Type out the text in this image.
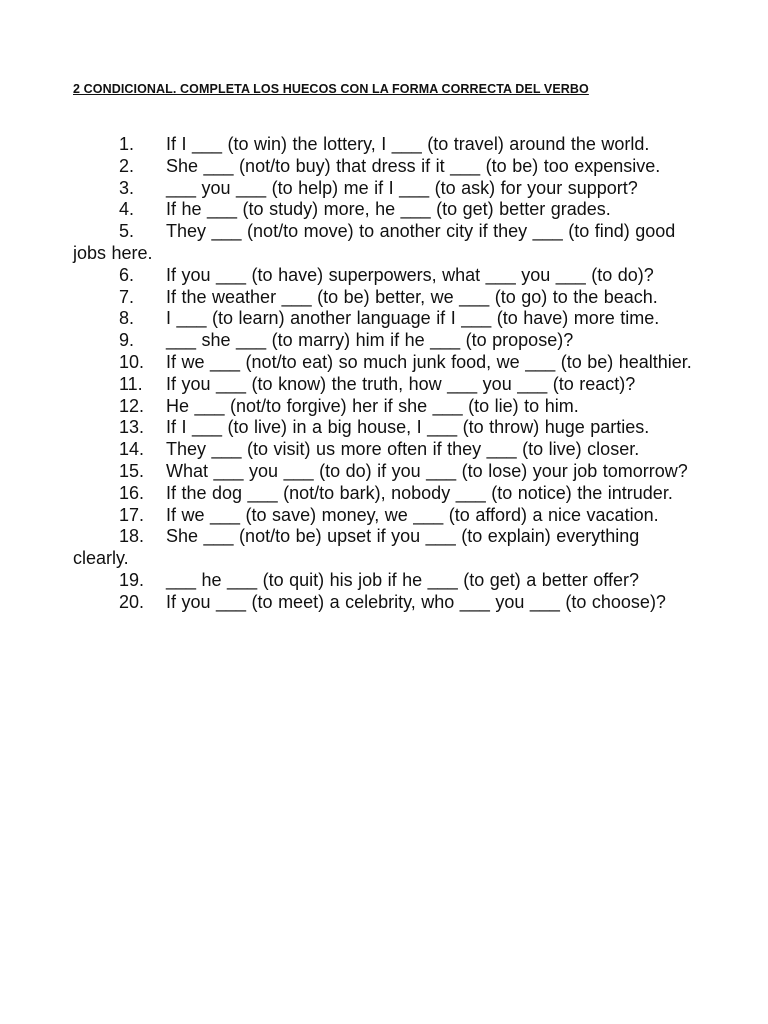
2 CONDICIONAL. COMPLETA LOS HUECOS CON LA FORMA CORRECTA DEL VERBO
1. If I ___ (to win) the lottery, I ___ (to travel) around the world.
2. She ___ (not/to buy) that dress if it ___ (to be) too expensive.
3. ___ you ___ (to help) me if I ___ (to ask) for your support?
4. If he ___ (to study) more, he ___ (to get) better grades.
5. They ___ (not/to move) to another city if they ___ (to find) good jobs here.
6. If you ___ (to have) superpowers, what ___ you ___ (to do)?
7. If the weather ___ (to be) better, we ___ (to go) to the beach.
8. I ___ (to learn) another language if I ___ (to have) more time.
9. ___ she ___ (to marry) him if he ___ (to propose)?
10. If we ___ (not/to eat) so much junk food, we ___ (to be) healthier.
11. If you ___ (to know) the truth, how ___ you ___ (to react)?
12. He ___ (not/to forgive) her if she ___ (to lie) to him.
13. If I ___ (to live) in a big house, I ___ (to throw) huge parties.
14. They ___ (to visit) us more often if they ___ (to live) closer.
15. What ___ you ___ (to do) if you ___ (to lose) your job tomorrow?
16. If the dog ___ (not/to bark), nobody ___ (to notice) the intruder.
17. If we ___ (to save) money, we ___ (to afford) a nice vacation.
18. She ___ (not/to be) upset if you ___ (to explain) everything clearly.
19. ___ he ___ (to quit) his job if he ___ (to get) a better offer?
20. If you ___ (to meet) a celebrity, who ___ you ___ (to choose)?
